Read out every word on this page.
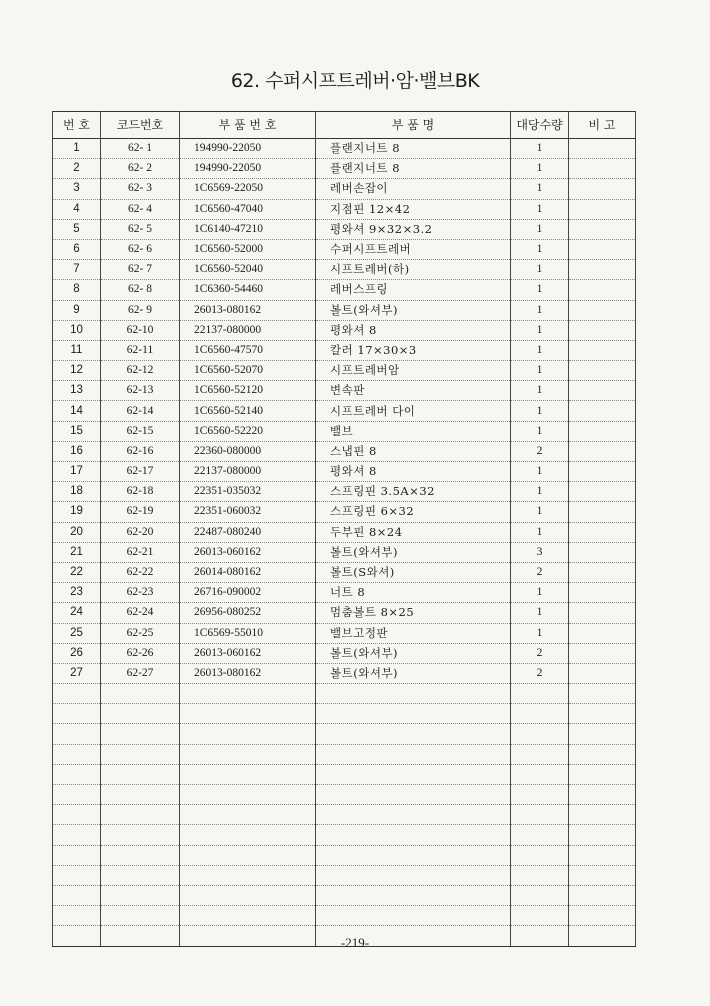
62. 수퍼시프트레버·암·밸브BK
번 호	코드번호	부 품 번 호	부 품 명	대당수량	비 고
1	62- 1	194990-22050	플랜지너트 8	1	
2	62- 2	194990-22050	플랜지너트 8	1	
3	62- 3	1C6569-22050	레버손잡이	1	
4	62- 4	1C6560-47040	지점핀 12×42	1	
5	62- 5	1C6140-47210	평와셔 9×32×3.2	1	
6	62- 6	1C6560-52000	수퍼시프트레버	1	
7	62- 7	1C6560-52040	시프트레버(하)	1	
8	62- 8	1C6360-54460	레버스프링	1	
9	62- 9	26013-080162	볼트(와셔부)	1	
10	62-10	22137-080000	평와셔 8	1	
11	62-11	1C6560-47570	칼러 17×30×3	1	
12	62-12	1C6560-52070	시프트레버암	1	
13	62-13	1C6560-52120	변속판	1	
14	62-14	1C6560-52140	시프트레버 다이	1	
15	62-15	1C6560-52220	밸브	1	
16	62-16	22360-080000	스냅핀 8	2	
17	62-17	22137-080000	평와셔 8	1	
18	62-18	22351-035032	스프링핀 3.5A×32	1	
19	62-19	22351-060032	스프링핀 6×32	1	
20	62-20	22487-080240	두부핀 8×24	1	
21	62-21	26013-060162	볼트(와셔부)	3	
22	62-22	26014-080162	볼트(S와셔)	2	
23	62-23	26716-090002	너트 8	1	
24	62-24	26956-080252	멈춤볼트 8×25	1	
25	62-25	1C6569-55010	밸브고정판	1	
26	62-26	26013-060162	볼트(와셔부)	2	
27	62-27	26013-080162	볼트(와셔부)	2	

-219-
